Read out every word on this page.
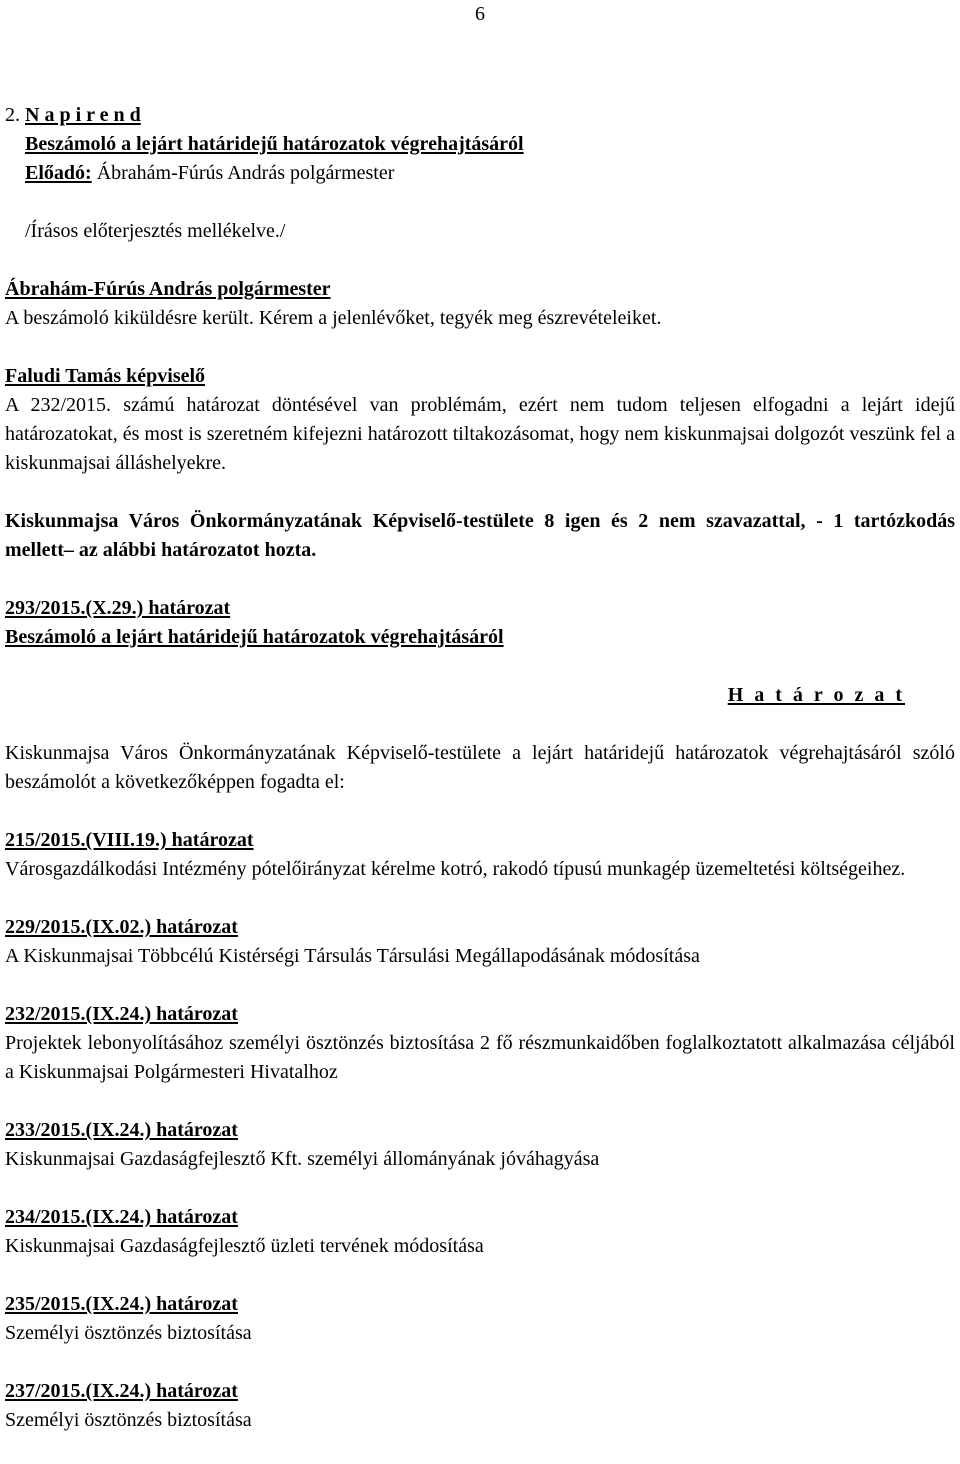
6
2. N a p i r e n d
Beszámoló a lejárt határidejű határozatok végrehajtásáról
Előadó: Ábrahám-Fúrús András polgármester
/Írásos előterjesztés mellékelve./
Ábrahám-Fúrús András polgármester
A beszámoló kiküldésre került. Kérem a jelenlévőket, tegyék meg észrevételeiket.
Faludi Tamás képviselő
A 232/2015. számú határozat döntésével van problémám, ezért nem tudom teljesen elfogadni a lejárt idejű határozatokat, és most is szeretném kifejezni határozott tiltakozásomat, hogy nem kiskunmajsai dolgozót veszünk fel a kiskunmajsai álláshelyekre.
Kiskunmajsa Város Önkormányzatának Képviselő-testülete 8 igen és 2 nem szavazattal, - 1 tartózkodás mellett– az alábbi határozatot hozta.
293/2015.(X.29.) határozat
Beszámoló a lejárt határidejű határozatok végrehajtásáról
H a t á r o z a t
Kiskunmajsa Város Önkormányzatának Képviselő-testülete a lejárt határidejű határozatok végrehajtásáról szóló beszámolót a következőképpen fogadta el:
215/2015.(VIII.19.) határozat
Városgazdálkodási Intézmény pótelőirányzat kérelme kotró, rakodó típusú munkagép üzemeltetési költségeihez.
229/2015.(IX.02.) határozat
A Kiskunmajsai Többcélú Kistérségi Társulás Társulási Megállapodásának módosítása
232/2015.(IX.24.) határozat
Projektek lebonyolításához személyi ösztönzés biztosítása 2 fő részmunkaidőben foglalkoztatott alkalmazása céljából a Kiskunmajsai Polgármesteri Hivatalhoz
233/2015.(IX.24.) határozat
Kiskunmajsai Gazdaságfejlesztő Kft. személyi állományának jóváhagyása
234/2015.(IX.24.) határozat
Kiskunmajsai Gazdaságfejlesztő üzleti tervének módosítása
235/2015.(IX.24.) határozat
Személyi ösztönzés biztosítása
237/2015.(IX.24.) határozat
Személyi ösztönzés biztosítása
